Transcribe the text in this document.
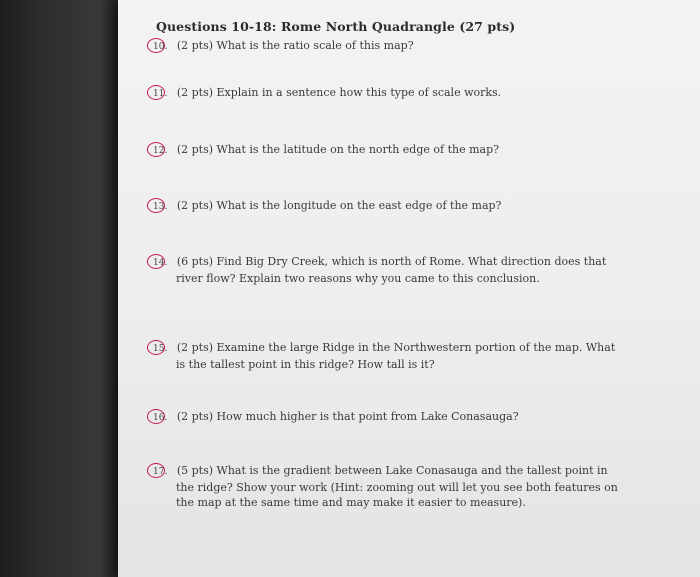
Questions 10-18: Rome North Quadrangle (27 pts)
10. (2 pts) What is the ratio scale of this map?
11. (2 pts) Explain in a sentence how this type of scale works.
12. (2 pts) What is the latitude on the north edge of the map?
13. (2 pts) What is the longitude on the east edge of the map?
14. (6 pts) Find Big Dry Creek, which is north of Rome. What direction does that
river flow? Explain two reasons why you came to this conclusion.
15. (2 pts) Examine the large Ridge in the Northwestern portion of the map. What
is the tallest point in this ridge? How tall is it?
16. (2 pts) How much higher is that point from Lake Conasauga?
17. (5 pts) What is the gradient between Lake Conasauga and the tallest point in
the ridge? Show your work (Hint: zooming out will let you see both features on
the map at the same time and may make it easier to measure).
